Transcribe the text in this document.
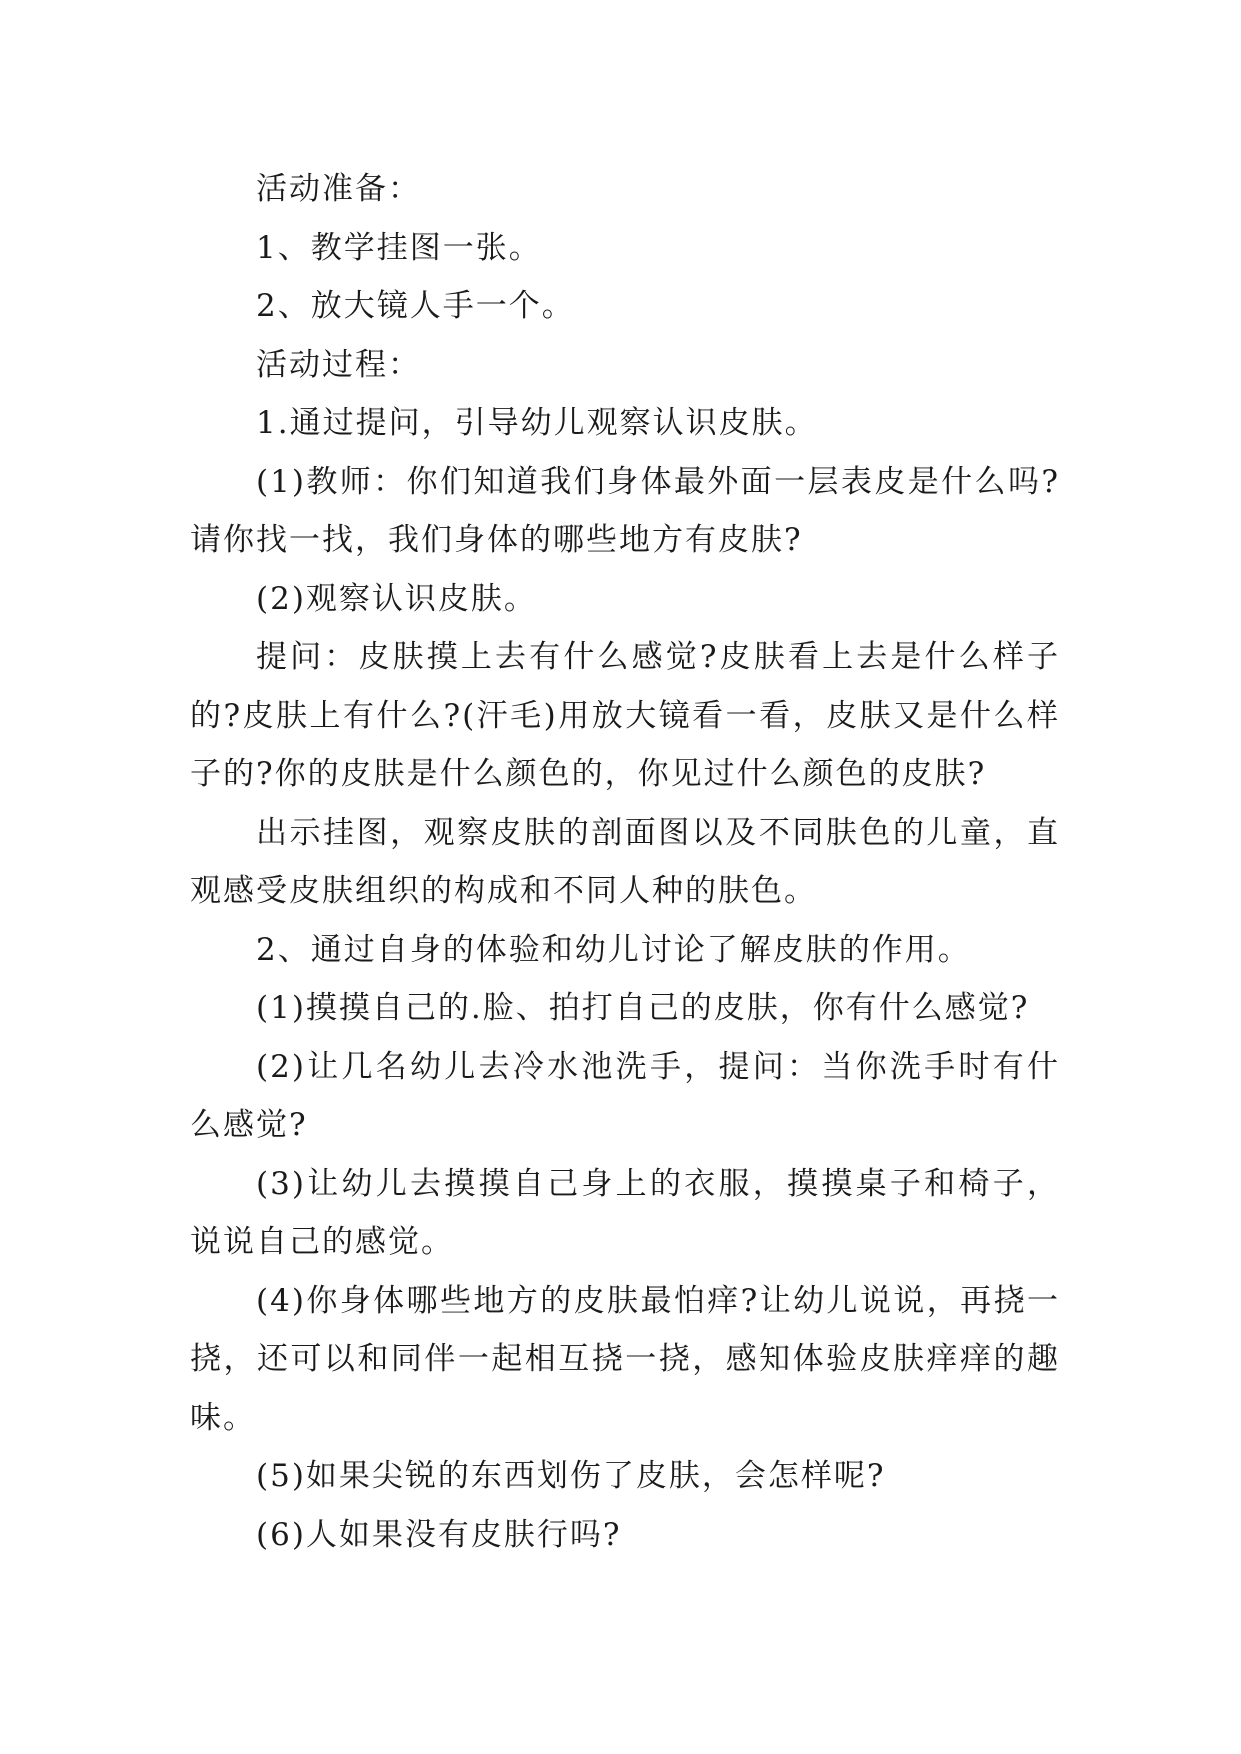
活动准备：

1、教学挂图一张。

2、放大镜人手一个。

活动过程：

1.通过提问，引导幼儿观察认识皮肤。

(1)教师：你们知道我们身体最外面一层表皮是什么吗?请你找一找，我们身体的哪些地方有皮肤?

(2)观察认识皮肤。

提问：皮肤摸上去有什么感觉?皮肤看上去是什么样子的?皮肤上有什么?(汗毛)用放大镜看一看，皮肤又是什么样子的?你的皮肤是什么颜色的，你见过什么颜色的皮肤?

出示挂图，观察皮肤的剖面图以及不同肤色的儿童，直观感受皮肤组织的构成和不同人种的肤色。

2、通过自身的体验和幼儿讨论了解皮肤的作用。

(1)摸摸自己的.脸、拍打自己的皮肤，你有什么感觉?

(2)让几名幼儿去冷水池洗手，提问：当你洗手时有什么感觉?

(3)让幼儿去摸摸自己身上的衣服，摸摸桌子和椅子，说说自己的感觉。

(4)你身体哪些地方的皮肤最怕痒?让幼儿说说，再挠一挠，还可以和同伴一起相互挠一挠，感知体验皮肤痒痒的趣味。

(5)如果尖锐的东西划伤了皮肤，会怎样呢?

(6)人如果没有皮肤行吗?
